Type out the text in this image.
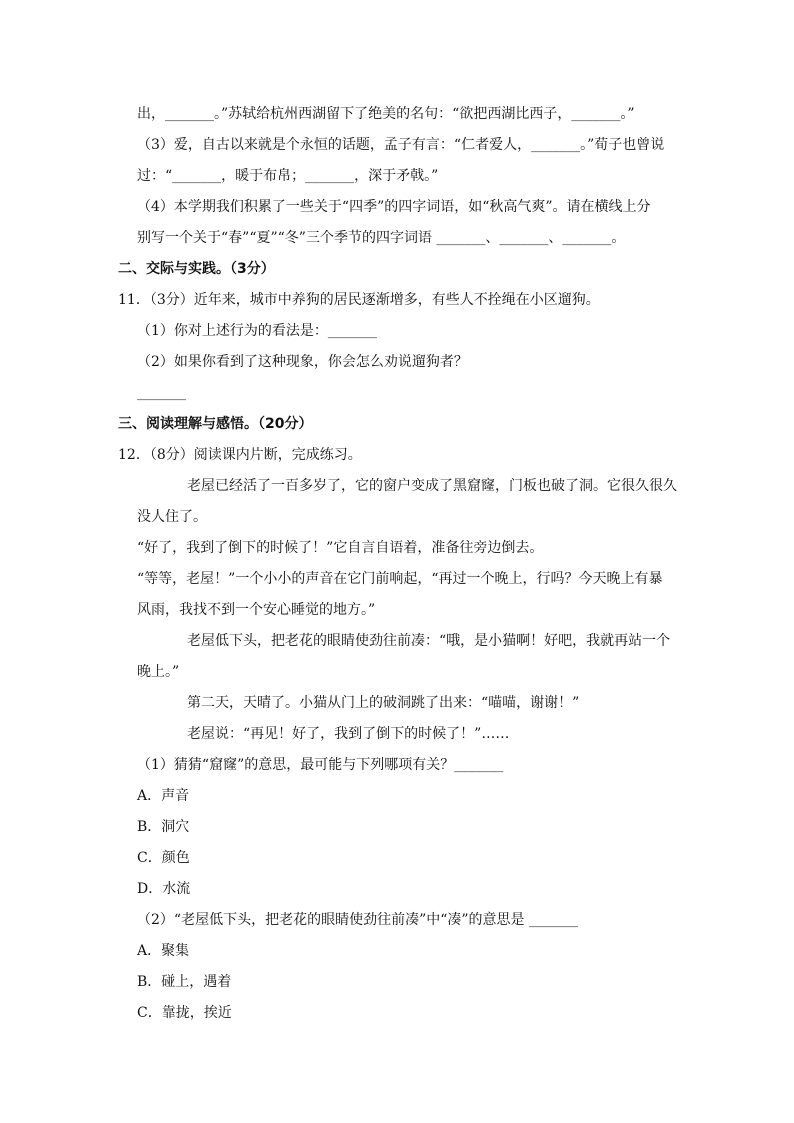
出，_______。”苏轼给杭州西湖留下了绝美的名句：“欲把西湖比西子，_______。”
（3）爱，自古以来就是个永恒的话题，孟子有言：“仁者爱人，_______。”荀子也曾说
过：“_______，暖于布帛；_______，深于矛戟。”
（4）本学期我们积累了一些关于“四季”的四字词语，如“秋高气爽”。请在横线上分
别写一个关于“春”“夏”“冬”三个季节的四字词语 _______、_______、_______。
二、交际与实践。（3分）
11．（3分）近年来，城市中养狗的居民逐渐增多，有些人不拴绳在小区遛狗。
（1）你对上述行为的看法是：_______
（2）如果你看到了这种现象，你会怎么劝说遛狗者？
_______
三、阅读理解与感悟。（20分）
12．（8分）阅读课内片断，完成练习。
老屋已经活了一百多岁了，它的窗户变成了黑窟窿，门板也破了洞。它很久很久
没人住了。
“好了，我到了倒下的时候了！”它自言自语着，准备往旁边倒去。
“等等，老屋！”一个小小的声音在它门前响起，“再过一个晚上，行吗？今天晚上有暴
风雨，我找不到一个安心睡觉的地方。”
老屋低下头，把老花的眼睛使劲往前凑：“哦，是小猫啊！好吧，我就再站一个
晚上。”
第二天，天晴了。小猫从门上的破洞跳了出来：“喵喵，谢谢！”
老屋说：“再见！好了，我到了倒下的时候了！”……
（1）猜猜“窟窿”的意思，最可能与下列哪项有关？_______
A．声音
B．洞穴
C．颜色
D．水流
（2）“老屋低下头，把老花的眼睛使劲往前凑”中“凑”的意思是 _______
A．聚集
B．碰上，遇着
C．靠拢，挨近
